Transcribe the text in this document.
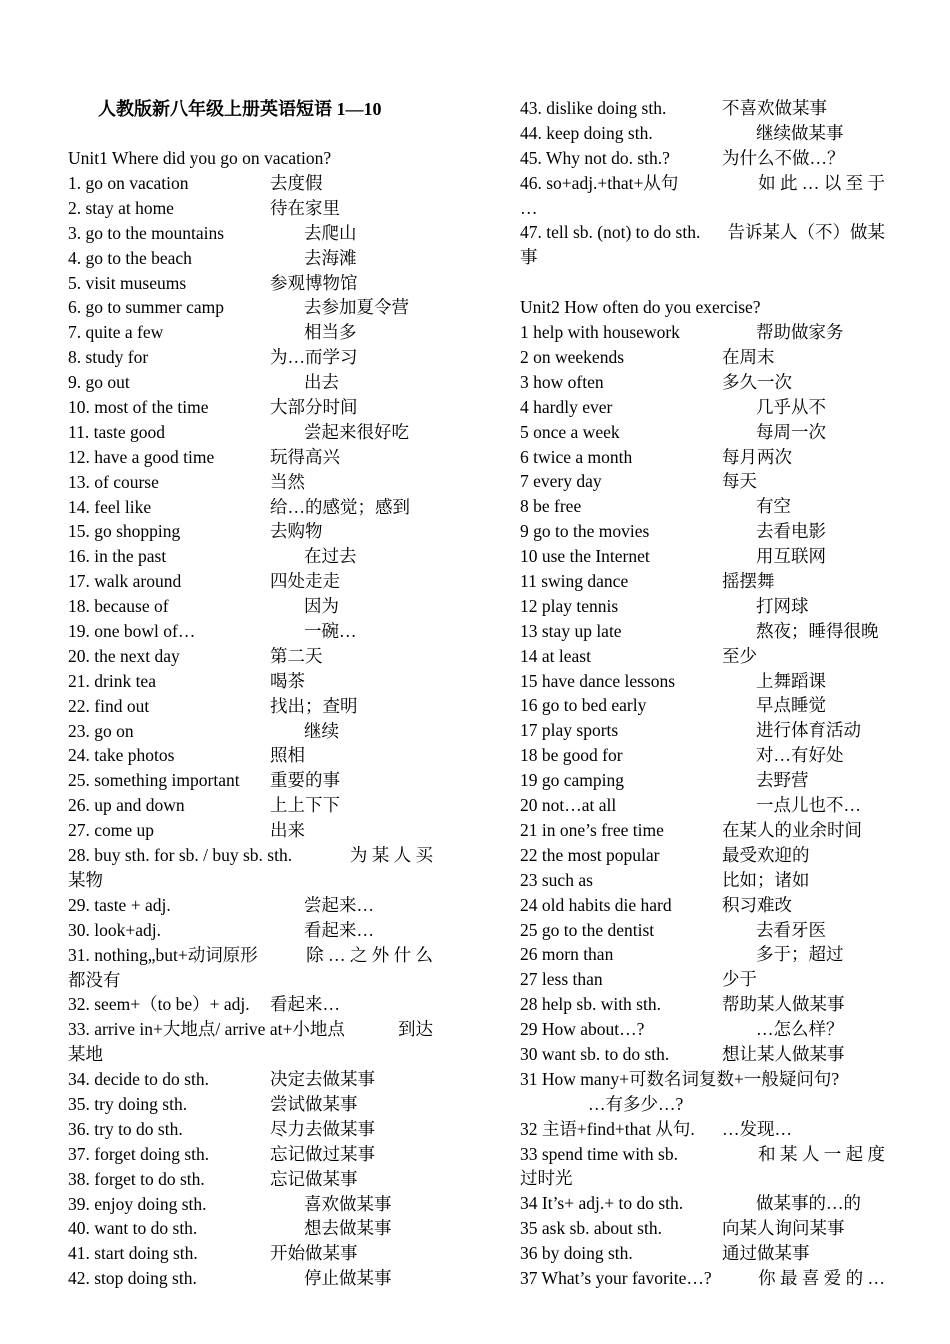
人教版新八年级上册英语短语 1—10
Unit1 Where did you go on vacation?
1. go on vacation	去度假
2. stay at home	待在家里
3. go to the mountains	去爬山
4. go to the beach	去海滩
5. visit museums	参观博物馆
6. go to summer camp	去参加夏令营
7. quite a few	相当多
8. study for	为…而学习
9. go out	出去
10. most of the time	大部分时间
11. taste good	尝起来很好吃
12. have a good time	玩得高兴
13. of course	当然
14. feel like	给…的感觉；感到
15. go shopping	去购物
16. in the past	在过去
17. walk around	四处走走
18. because of	因为
19. one bowl of…	一碗…
20. the next day	第二天
21. drink tea	喝茶
22. find out	找出；查明
23. go on	继续
24. take photos	照相
25. something important 重要的事
26. up and down	上上下下
27. come up	出来
28. buy sth. for sb. / buy sb. sth.	为 某 人 买
某物
29. taste + adj.	尝起来…
30. look+adj.	看起来…
31. nothing„but+动词原形	除 … 之 外 什 么
都没有
32. seem+（to be）+ adj. 看起来…
33. arrive in+大地点/ arrive at+小地点	到达
某地
34. decide to do sth.	决定去做某事
35. try doing sth.	尝试做某事
36. try to do sth.	尽力去做某事
37. forget doing sth.	忘记做过某事
38. forget to do sth.	忘记做某事
39. enjoy doing sth.	喜欢做某事
40. want to do sth.	想去做某事
41. start doing sth.	开始做某事
42. stop doing sth.	停止做某事
43. dislike doing sth.	不喜欢做某事
44. keep doing sth.	继续做某事
45. Why not do. sth.?	为什么不做…？
46. so+adj.+that+从句	如 此 … 以 至 于
…
47. tell sb. (not) to do sth. 告诉某人（不）做某
事
Unit2 How often do you exercise?
1 help with housework	帮助做家务
2 on weekends	在周末
3 how often	多久一次
4 hardly ever	几乎从不
5 once a week	每周一次
6 twice a month	每月两次
7 every day	每天
8 be free	有空
9 go to the movies	去看电影
10 use the Internet	用互联网
11 swing dance	摇摆舞
12 play tennis	打网球
13 stay up late	熬夜；睡得很晚
14 at least	至少
15 have dance lessons	上舞蹈课
16 go to bed early	早点睡觉
17 play sports	进行体育活动
18 be good for	对…有好处
19 go camping	去野营
20 not…at all	一点儿也不…
21 in one’s free time	在某人的业余时间
22 the most popular	最受欢迎的
23 such as	比如；诸如
24 old habits die hard	积习难改
25 go to the dentist	去看牙医
26 morn than	多于；超过
27 less than	少于
28 help sb. with sth.	帮助某人做某事
29 How about…?	…怎么样？
30 want sb. to do sth.	想让某人做某事
31 How many+可数名词复数+一般疑问句?
…有多少…?
32 主语+find+that 从句. …发现…
33 spend time with sb.	和 某 人 一 起 度
过时光
34 It’s+ adj.+ to do sth.	做某事的…的
35 ask sb. about sth.	向某人询问某事
36 by doing sth.	通过做某事
37 What’s your favorite…?	你 最 喜 爱 的 …
